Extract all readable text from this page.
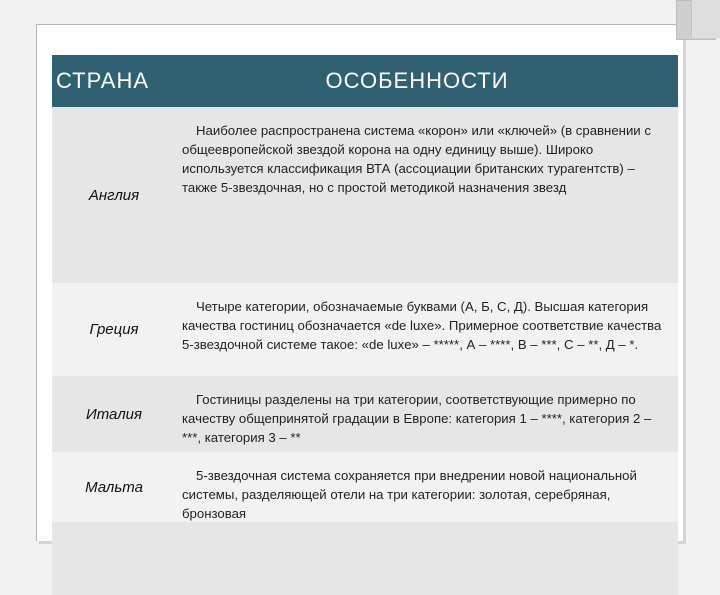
СТРАНА	ОСОБЕННОСТИ
Англия
Наиболее распространена система «корон» или «ключей» (в сравнении с общеевропейской звездой корона на одну единицу выше). Широко используется классификация ВТА (ассоциации британских турагентств) – также 5-звездочная, но с простой методикой назначения звезд
Греция
Четыре категории, обозначаемые буквами (А, Б, С, Д). Высшая категория качества гостиниц обозначается «de luxe». Примерное соответствие качества 5-звездочной системе такое: «de luxe» – *****, А – ****, В – ***, С – **, Д – *.
Италия
Гостиницы разделены на три категории, соответствующие примерно по качеству общепринятой градации в Европе: категория 1 – ****, категория 2 – ***, категория 3 – **
Мальта
5-звездочная система сохраняется при внедрении новой национальной системы, разделяющей отели на три категории: золотая, серебряная, бронзовая
